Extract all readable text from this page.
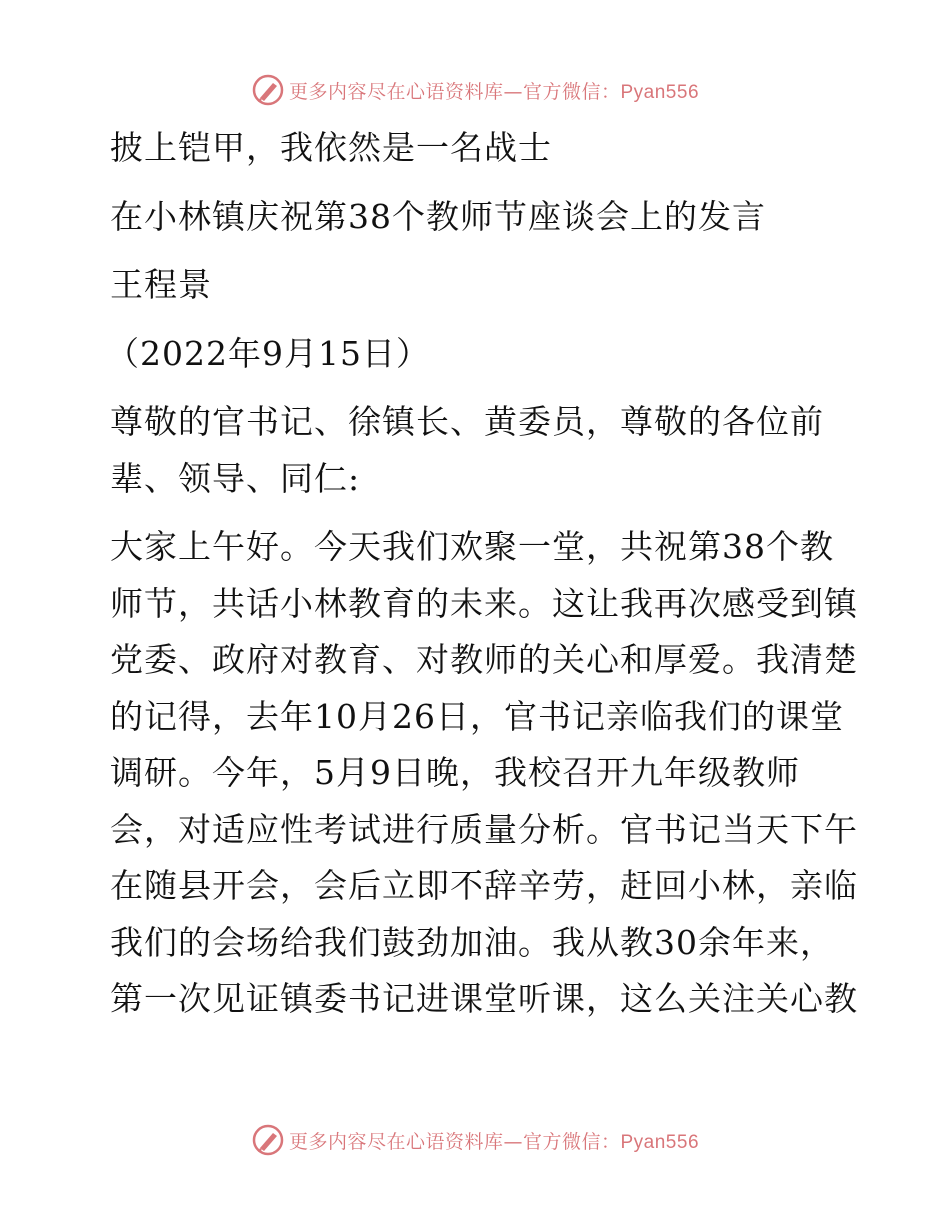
更多内容尽在心语资料库—官方微信：Pyan556

披上铠甲，我依然是一名战士

在小林镇庆祝第38个教师节座谈会上的发言

王程景

（2022年9月15日）

尊敬的官书记、徐镇长、黄委员，尊敬的各位前辈、领导、同仁:

大家上午好。今天我们欢聚一堂，共祝第38个教师节，共话小林教育的未来。这让我再次感受到镇党委、政府对教育、对教师的关心和厚爱。我清楚的记得，去年10月26日，官书记亲临我们的课堂调研。今年，5月9日晚，我校召开九年级教师会，对适应性考试进行质量分析。官书记当天下午在随县开会，会后立即不辞辛劳，赶回小林，亲临我们的会场给我们鼓劲加油。我从教30余年来，第一次见证镇委书记进课堂听课，这么关注关心教

更多内容尽在心语资料库—官方微信：Pyan556
